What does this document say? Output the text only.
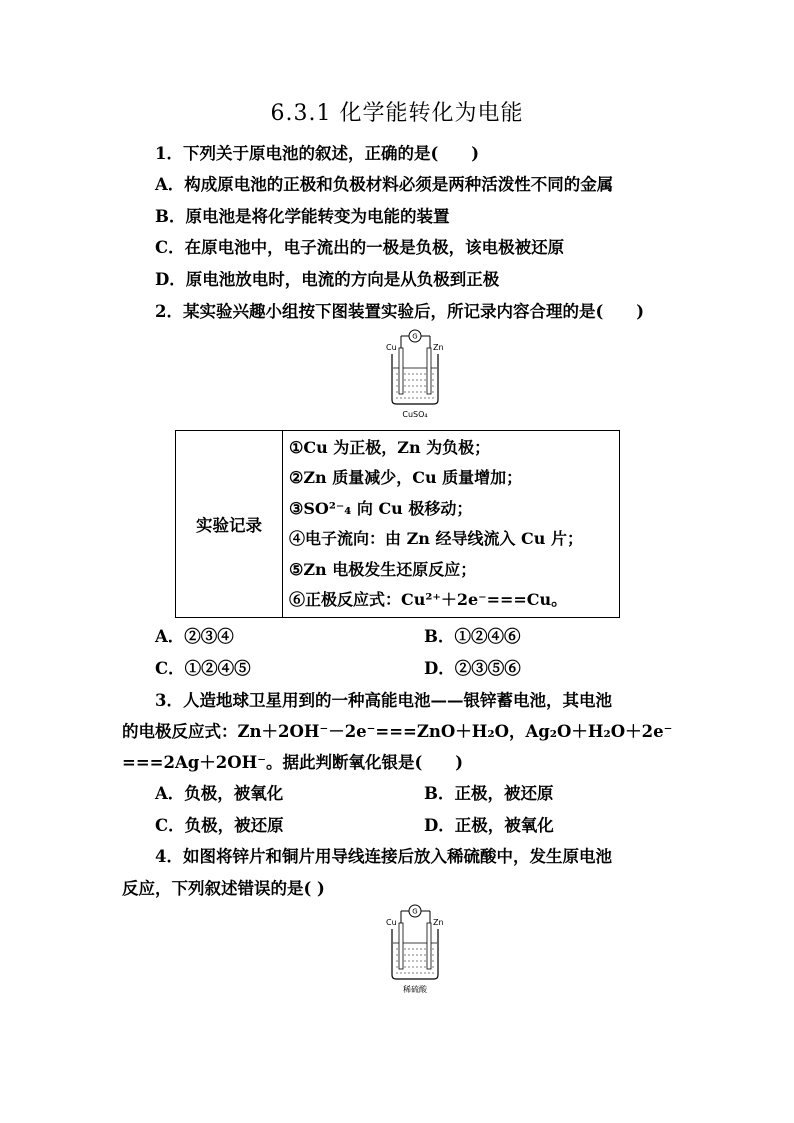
6.3.1 化学能转化为电能
1．下列关于原电池的叙述，正确的是(　　)
A．构成原电池的正极和负极材料必须是两种活泼性不同的金属
B．原电池是将化学能转变为电能的装置
C．在原电池中，电子流出的一极是负极，该电极被还原
D．原电池放电时，电流的方向是从负极到正极
2．某实验兴趣小组按下图装置实验后，所记录内容合理的是(　　)
G
Cu	Zn
CuSO₄
实验记录	
①Cu 为正极，Zn 为负极；
②Zn 质量减少，Cu 质量增加；
③SO²⁻₄ 向 Cu 极移动；
④电子流向：由 Zn 经导线流入 Cu 片；
⑤Zn 电极发生还原反应；
⑥正极反应式：Cu²⁺＋2e⁻===Cu。
A．②③④	B．①②④⑥
C．①②④⑤	D．②③⑤⑥
3．人造地球卫星用到的一种高能电池——银锌蓄电池，其电池
的电极反应式：Zn＋2OH⁻－2e⁻===ZnO＋H₂O，Ag₂O＋H₂O＋2e⁻
===2Ag＋2OH⁻。据此判断氧化银是(　　)
A．负极，被氧化	B．正极，被还原
C．负极，被还原	D．正极，被氧化
4．如图将锌片和铜片用导线连接后放入稀硫酸中，发生原电池
反应，下列叙述错误的是( )
G
Cu	Zn
稀硫酸
